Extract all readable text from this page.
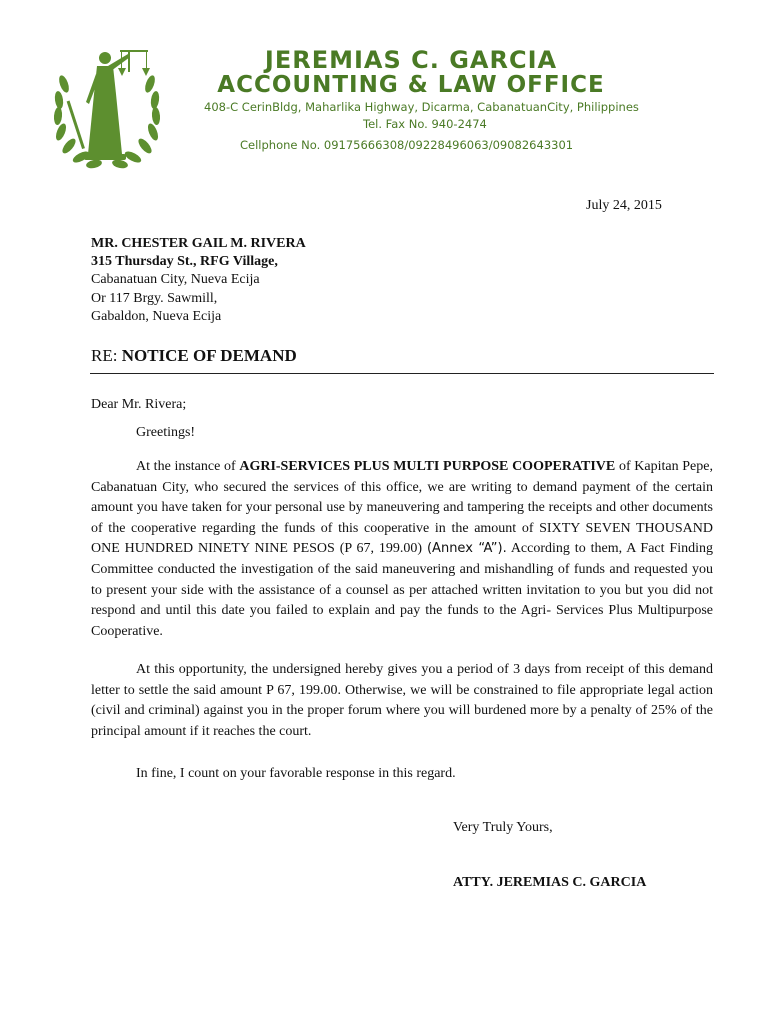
JEREMIAS C. GARCIA
ACCOUNTING & LAW OFFICE
408-C CerinBldg, Maharlika Highway, Dicarma, CabanatuanCity, Philippines
Tel. Fax No. 940-2474
Cellphone No. 09175666308/09228496063/09082643301
July 24, 2015
MR. CHESTER GAIL M. RIVERA
315 Thursday St., RFG Village,
Cabanatuan City, Nueva Ecija
Or 117 Brgy. Sawmill,
Gabaldon, Nueva Ecija
RE: NOTICE OF DEMAND
Dear Mr. Rivera;
Greetings!

At the instance of AGRI-SERVICES PLUS MULTI PURPOSE COOPERATIVE of Kapitan Pepe, Cabanatuan City, who secured the services of this office, we are writing to demand payment of the certain amount you have taken for your personal use by maneuvering and tampering the receipts and other documents of the cooperative regarding the funds of this cooperative in the amount of SIXTY SEVEN THOUSAND ONE HUNDRED NINETY NINE PESOS (P 67, 199.00) (Annex “A”). According to them, A Fact Finding Committee conducted the investigation of the said maneuvering and mishandling of funds and requested you to present your side with the assistance of a counsel as per attached written invitation to you but you did not respond and until this date you failed to explain and pay the funds to the Agri- Services Plus Multipurpose Cooperative.

At this opportunity, the undersigned hereby gives you a period of 3 days from receipt of this demand letter to settle the said amount P 67, 199.00. Otherwise, we will be constrained to file appropriate legal action (civil and criminal) against you in the proper forum where you will burdened more by a penalty of 25% of the principal amount if it reaches the court.

In fine, I count on your favorable response in this regard.

Very Truly Yours,
ATTY. JEREMIAS C. GARCIA
